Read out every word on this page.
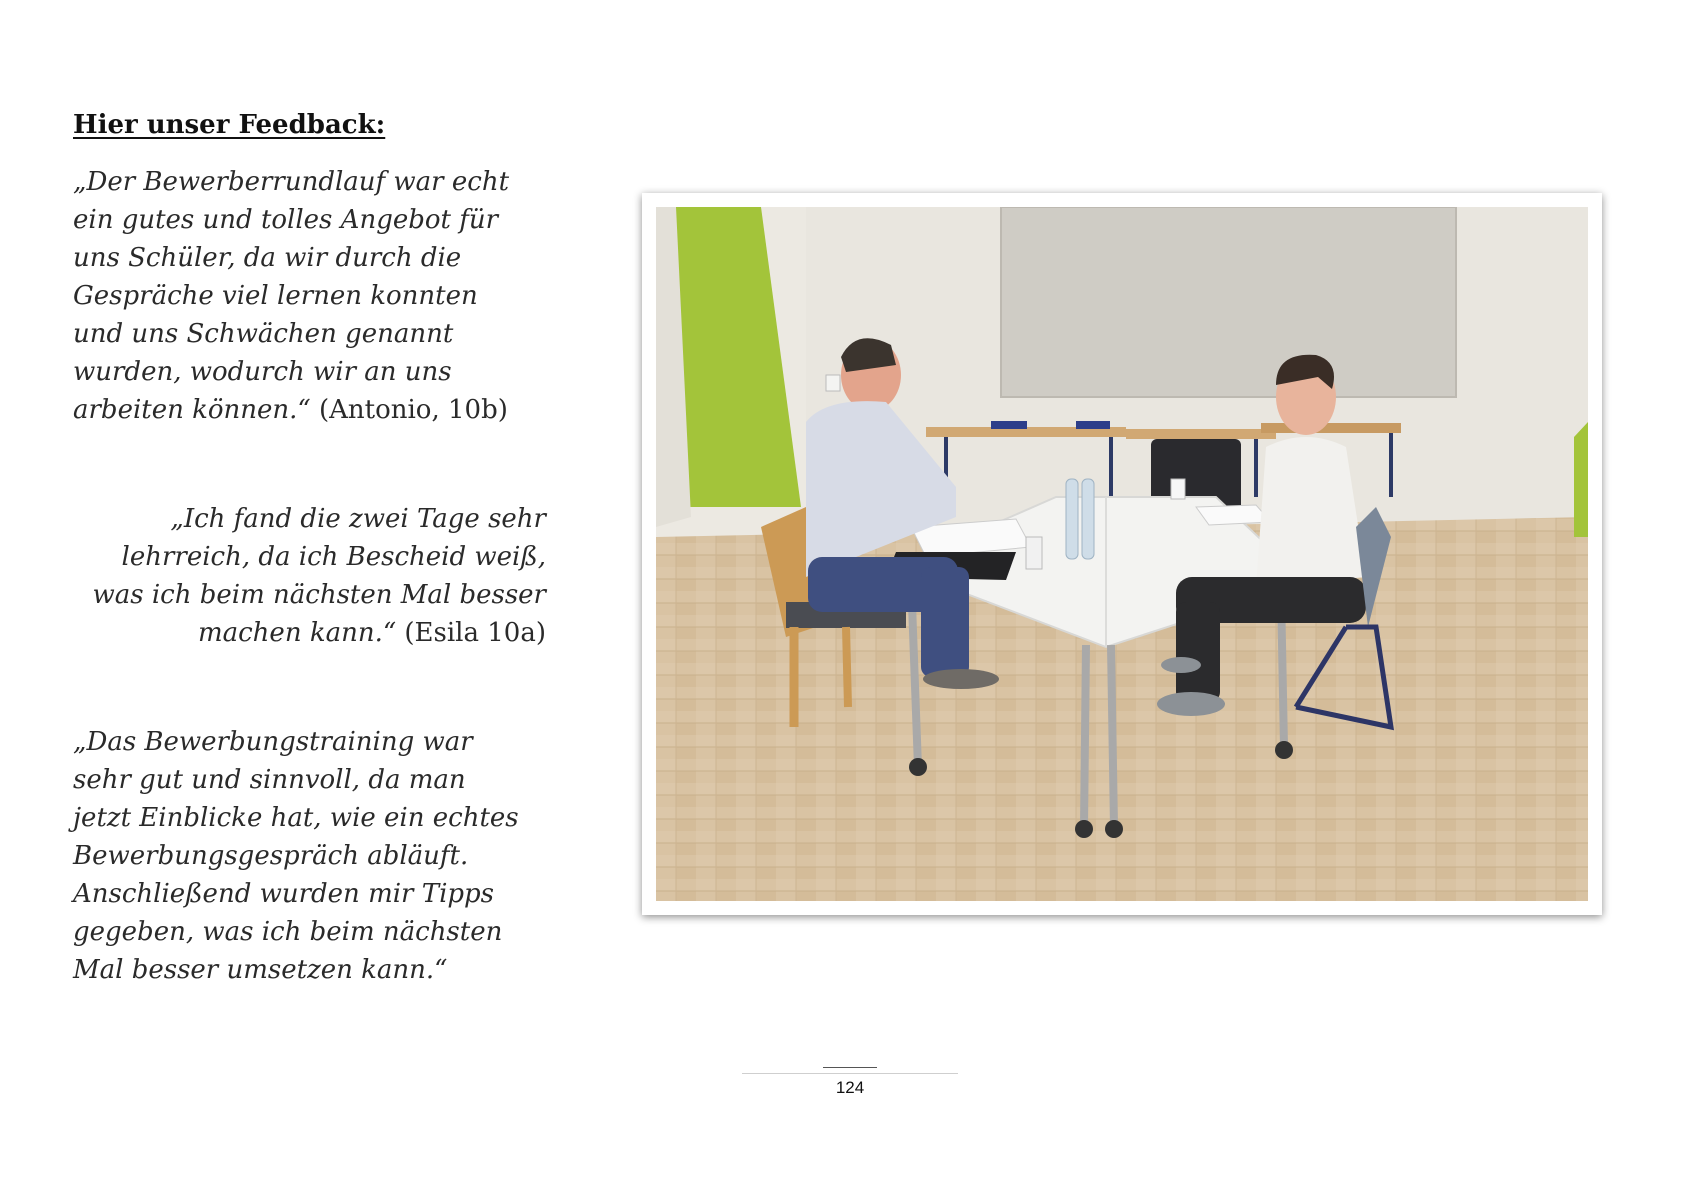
Hier unser Feedback:

„Der Bewerberrundlauf war echt
ein gutes und tolles Angebot für
uns Schüler, da wir durch die
Gespräche viel lernen konnten
und uns Schwächen genannt
wurden, wodurch wir an uns
arbeiten können.“ (Antonio, 10b)

„Ich fand die zwei Tage sehr
lehrreich, da ich Bescheid weiß,
was ich beim nächsten Mal besser
machen kann.“ (Esila 10a)

„Das Bewerbungstraining war
sehr gut und sinnvoll, da man
jetzt Einblicke hat, wie ein echtes
Bewerbungsgespräch abläuft.
Anschließend wurden mir Tipps
gegeben, was ich beim nächsten
Mal besser umsetzen kann.“

124
